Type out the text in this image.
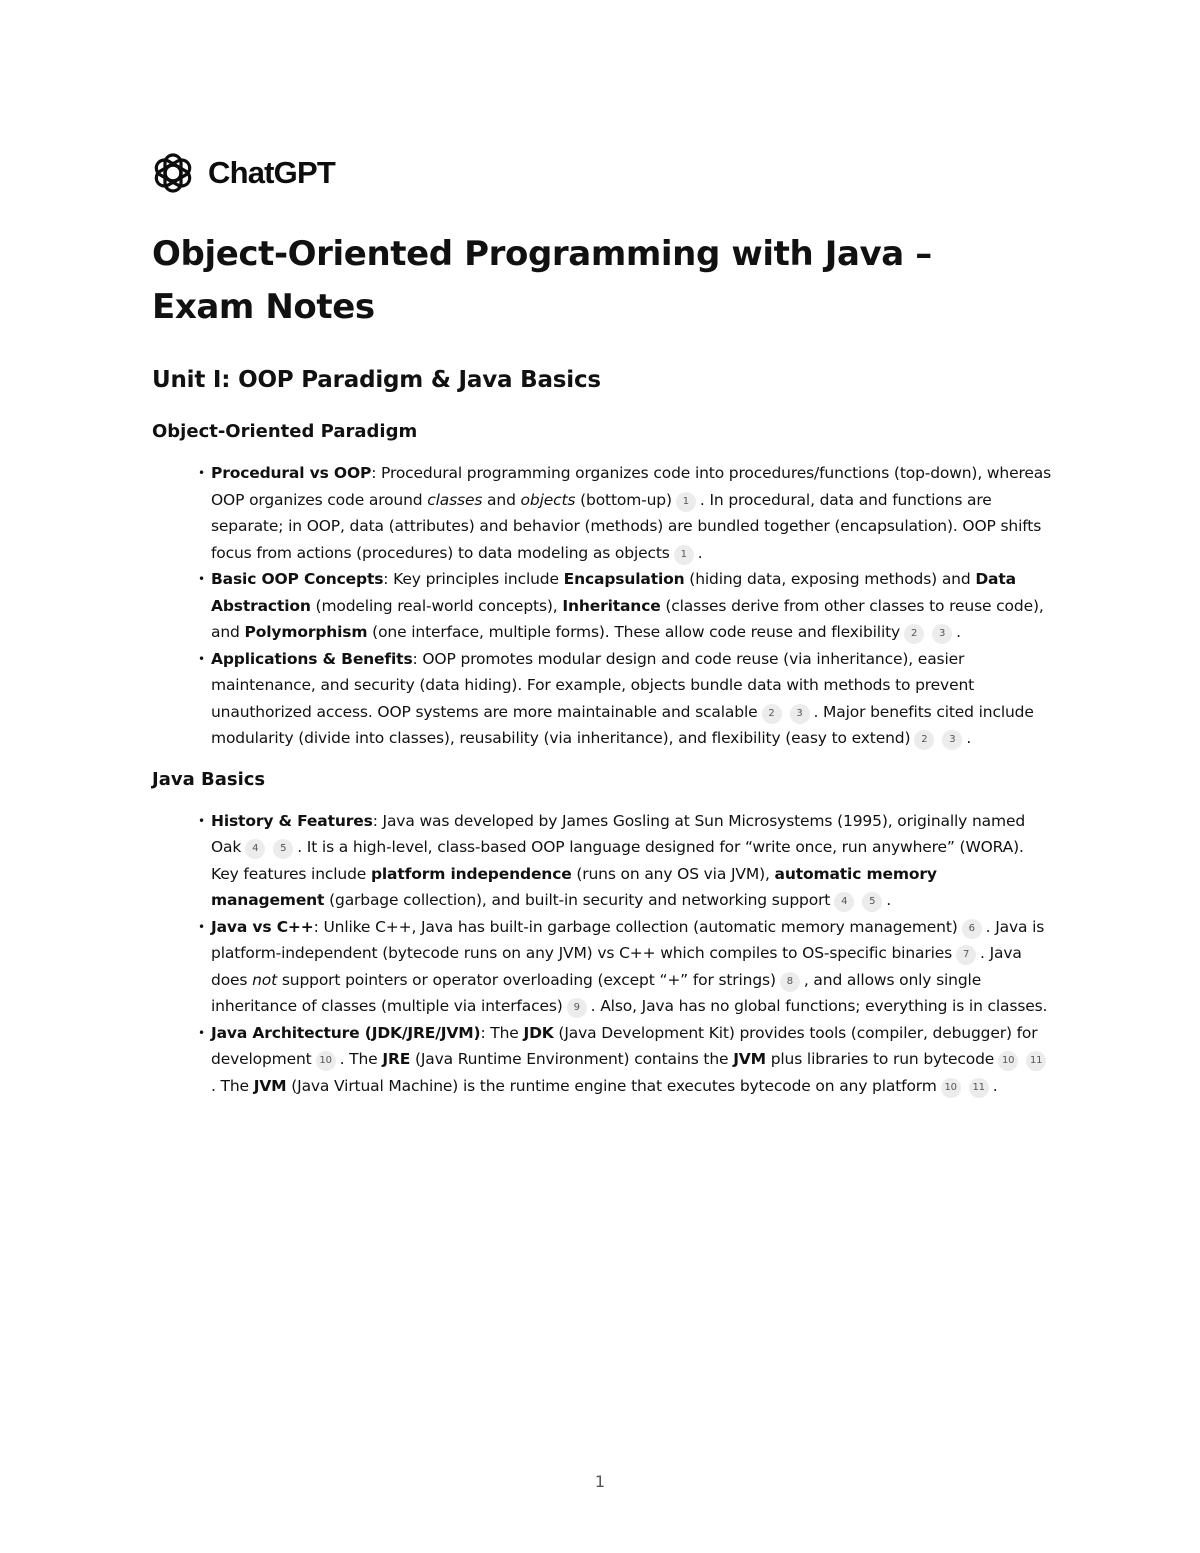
ChatGPT
Object-Oriented Programming with Java – Exam Notes
Unit I: OOP Paradigm & Java Basics
Object-Oriented Paradigm
• Procedural vs OOP: Procedural programming organizes code into procedures/functions (top-down), whereas OOP organizes code around classes and objects (bottom-up) 1 . In procedural, data and functions are separate; in OOP, data (attributes) and behavior (methods) are bundled together (encapsulation). OOP shifts focus from actions (procedures) to data modeling as objects 1 .
• Basic OOP Concepts: Key principles include Encapsulation (hiding data, exposing methods) and Data Abstraction (modeling real-world concepts), Inheritance (classes derive from other classes to reuse code), and Polymorphism (one interface, multiple forms). These allow code reuse and flexibility 2 3 .
• Applications & Benefits: OOP promotes modular design and code reuse (via inheritance), easier maintenance, and security (data hiding). For example, objects bundle data with methods to prevent unauthorized access. OOP systems are more maintainable and scalable 2 3 . Major benefits cited include modularity (divide into classes), reusability (via inheritance), and flexibility (easy to extend) 2 3 .
Java Basics
• History & Features: Java was developed by James Gosling at Sun Microsystems (1995), originally named Oak 4 5 . It is a high-level, class-based OOP language designed for “write once, run anywhere” (WORA). Key features include platform independence (runs on any OS via JVM), automatic memory management (garbage collection), and built-in security and networking support 4 5 .
• Java vs C++: Unlike C++, Java has built-in garbage collection (automatic memory management) 6 . Java is platform-independent (bytecode runs on any JVM) vs C++ which compiles to OS-specific binaries 7 . Java does not support pointers or operator overloading (except “+” for strings) 8 , and allows only single inheritance of classes (multiple via interfaces) 9 . Also, Java has no global functions; everything is in classes.
• Java Architecture (JDK/JRE/JVM): The JDK (Java Development Kit) provides tools (compiler, debugger) for development 10 . The JRE (Java Runtime Environment) contains the JVM plus libraries to run bytecode 10 11. The JVM (Java Virtual Machine) is the runtime engine that executes bytecode on any platform 10 11 .
1
